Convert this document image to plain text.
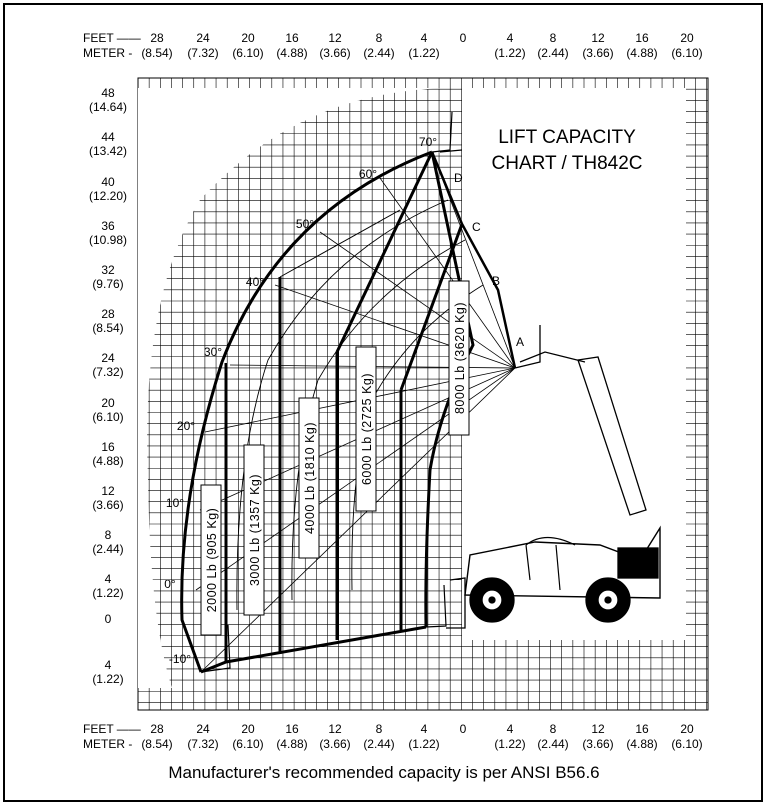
FEET ——
METER -
28
(8.54)
24
(7.32)
20
(6.10)
16
(4.88)
12
(3.66)
8
(2.44)
4
(1.22)
0	4
(1.22)
8
(2.44)
12
(3.66)
16
(4.88)
20
(6.10)
FEET ——
METER -
28
(8.54)
24
(7.32)
20
(6.10)
16
(4.88)
12
(3.66)
8
(2.44)
4
(1.22)
0	4
(1.22)
8
(2.44)
12
(3.66)
16
(4.88)
20
(6.10)
48
(14.64)
44
(13.42)
40
(12.20)
36
(10.98)
32
(9.76)
28
(8.54)
24
(7.32)
20
(6.10)
16
(4.88)
12
(3.66)
8
(2.44)
4
(1.22)
0
4
(1.22)
70°
60°
50°
40°
30°
20°
10°
0°
-10°
A
B
C
D
2000 Lb (905 Kg) 3000 Lb (1357 Kg)	4000 Lb (1810 Kg)	6000 Lb (2725 Kg)
8000 Lb (3620 Kg)
LIFT CAPACITY
CHART / TH842C
Manufacturer's recommended capacity is per ANSI B56.6
